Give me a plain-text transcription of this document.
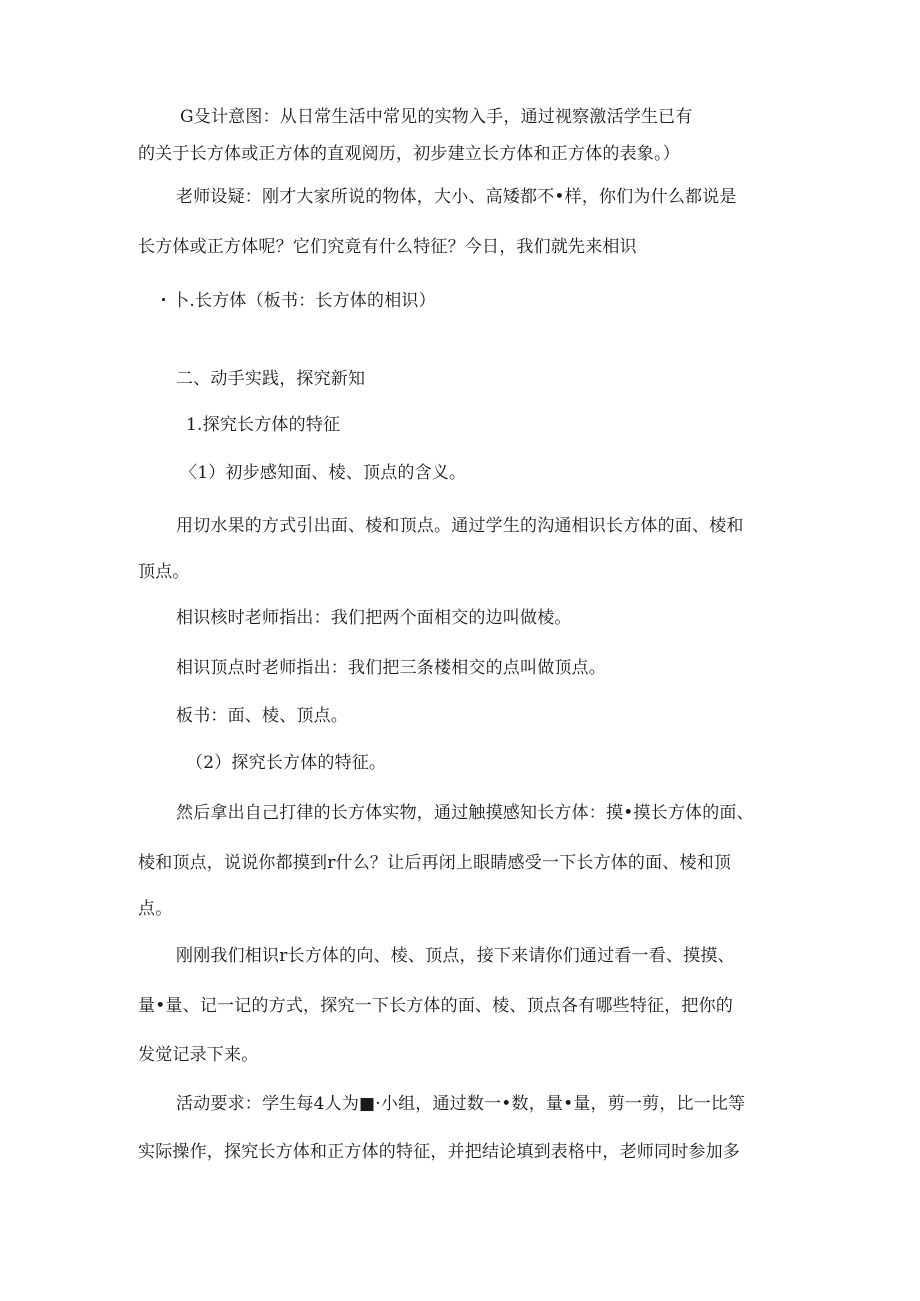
G殳计意图：从日常生活中常见的实物入手，通过视察激活学生已有
的关于长方体或正方体的直观阅历，初步建立长方体和正方体的表象。）
老师设疑：刚才大家所说的物体，大小、高矮都不•样，你们为什么都说是
长方体或正方体呢？它们究竟有什么特征？今日，我们就先来相识
・卜.长方体（板书：长方体的相识）
二、动手实践，探究新知
1.探究长方体的特征
〈1）初步感知面、棱、顶点的含义。
用切水果的方式引出面、棱和顶点。通过学生的沟通相识长方体的面、棱和
顶点。
相识核时老师指出：我们把两个面相交的边叫做棱。
相识顶点时老师指出：我们把三条楼相交的点叫做顶点。
板书：面、棱、顶点。
（2）探究长方体的特征。
然后拿出自己打律的长方体实物，通过触摸感知长方体：摸•摸长方体的面、
棱和顶点，说说你都摸到r什么？让后再闭上眼睛感受一下长方体的面、棱和顶
点。
刚刚我们相识r长方体的向、棱、顶点，接下来请你们通过看一看、摸摸、
量•量、记一记的方式，探究一下长方体的面、棱、顶点各有哪些特征，把你的
发觉记录下来。
活动要求：学生每4人为■·小组，通过数一•数，量•量，剪一剪，比一比等
实际操作，探究长方体和正方体的特征，并把结论填到表格中，老师同时参加多
